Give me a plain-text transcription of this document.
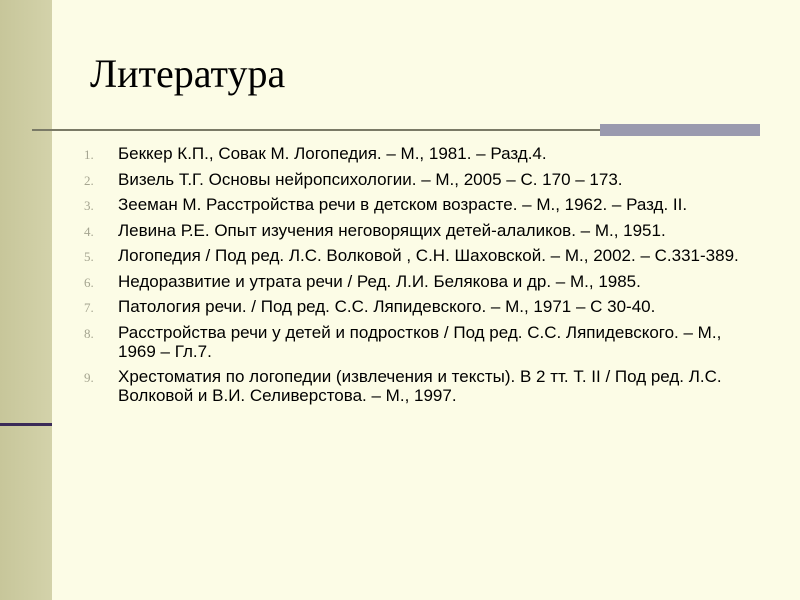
Литература
1.	Беккер К.П., Совак М. Логопедия. – М., 1981. – Разд.4.
2.	Визель Т.Г. Основы нейропсихологии. – М., 2005 – С. 170 – 173.
3.	Зееман М. Расстройства речи в детском возрасте. – М., 1962. – Разд. II.
4.	Левина Р.Е. Опыт изучения неговорящих детей-алаликов. – М., 1951.
5.	Логопедия / Под ред. Л.С. Волковой , С.Н. Шаховской. – М., 2002. – С.331-389.
6.	Недоразвитие и утрата речи / Ред. Л.И. Белякова и др. – М., 1985.
7.	Патология речи. / Под ред. С.С. Ляпидевского. – М., 1971 – С 30-40.
8.	Расстройства речи у детей и подростков / Под ред. С.С. Ляпидевского. – М., 1969 – Гл.7.
9.	Хрестоматия по логопедии (извлечения и тексты). В 2 тт. Т. II / Под ред. Л.С. Волковой и В.И. Селиверстова. – М., 1997.
